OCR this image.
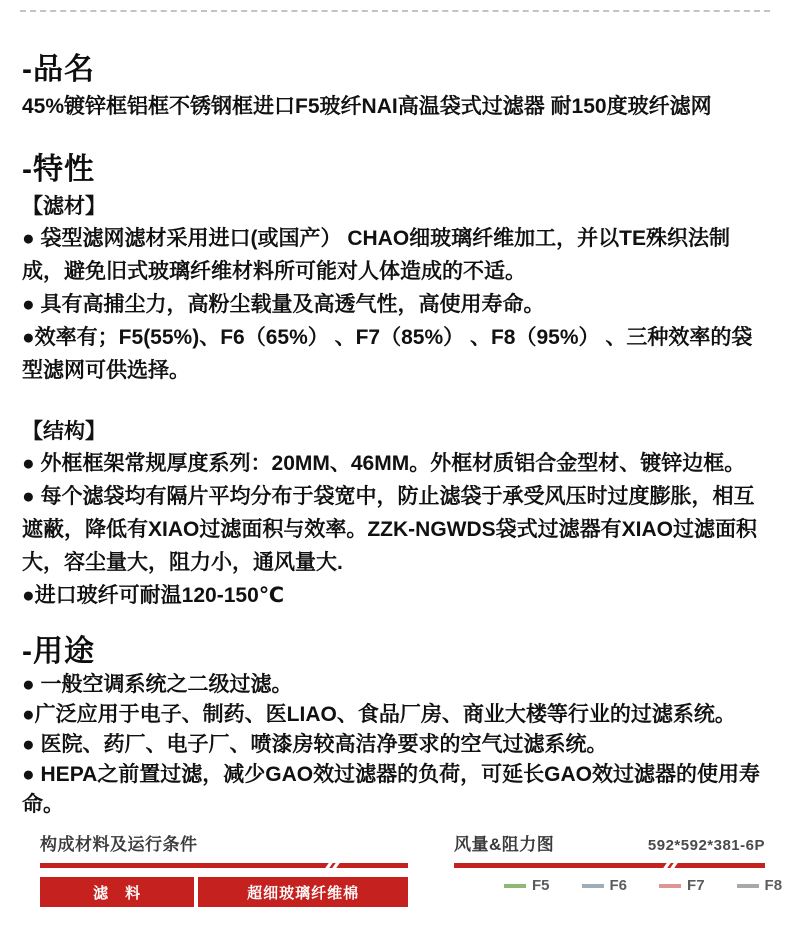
-品名
45%镀锌框铝框不锈钢框进口F5玻纤NAI高温袋式过滤器 耐150度玻纤滤网
-特性
【滤材】

● 袋型滤网滤材采用进口(或国产） CHAO细玻璃纤维加工，并以TE殊织法制成，避免旧式玻璃纤维材料所可能对人体造成的不适。

● 具有高捕尘力，高粉尘载量及高透气性，高使用寿命。

●效率有；F5(55%)、F6（65%） 、F7（85%） 、F8（95%） 、三种效率的袋型滤网可供选择。

【结构】

● 外框框架常规厚度系列：20MM、46MM。外框材质铝合金型材、镀锌边框。

● 每个滤袋均有隔片平均分布于袋宽中，防止滤袋于承受风压时过度膨胀，相互遮蔽，降低有XIAO过滤面积与效率。ZZK-NGWDS袋式过滤器有XIAO过滤面积大，容尘量大，阻力小，通风量大.

●进口玻纤可耐温120-150℃

-用途

● 一般空调系统之二级过滤。

●广泛应用于电子、制药、医LIAO、食品厂房、商业大楼等行业的过滤系统。

● 医院、药厂、电子厂、喷漆房较高洁净要求的空气过滤系统。

● HEPA之前置过滤，减少GAO效过滤器的负荷，可延长GAO效过滤器的使用寿命。

构成材料及运行条件
滤　料	超细玻璃纤维棉
风量&阻力图	592*592*381-6P
F5	F6	F7	F8
